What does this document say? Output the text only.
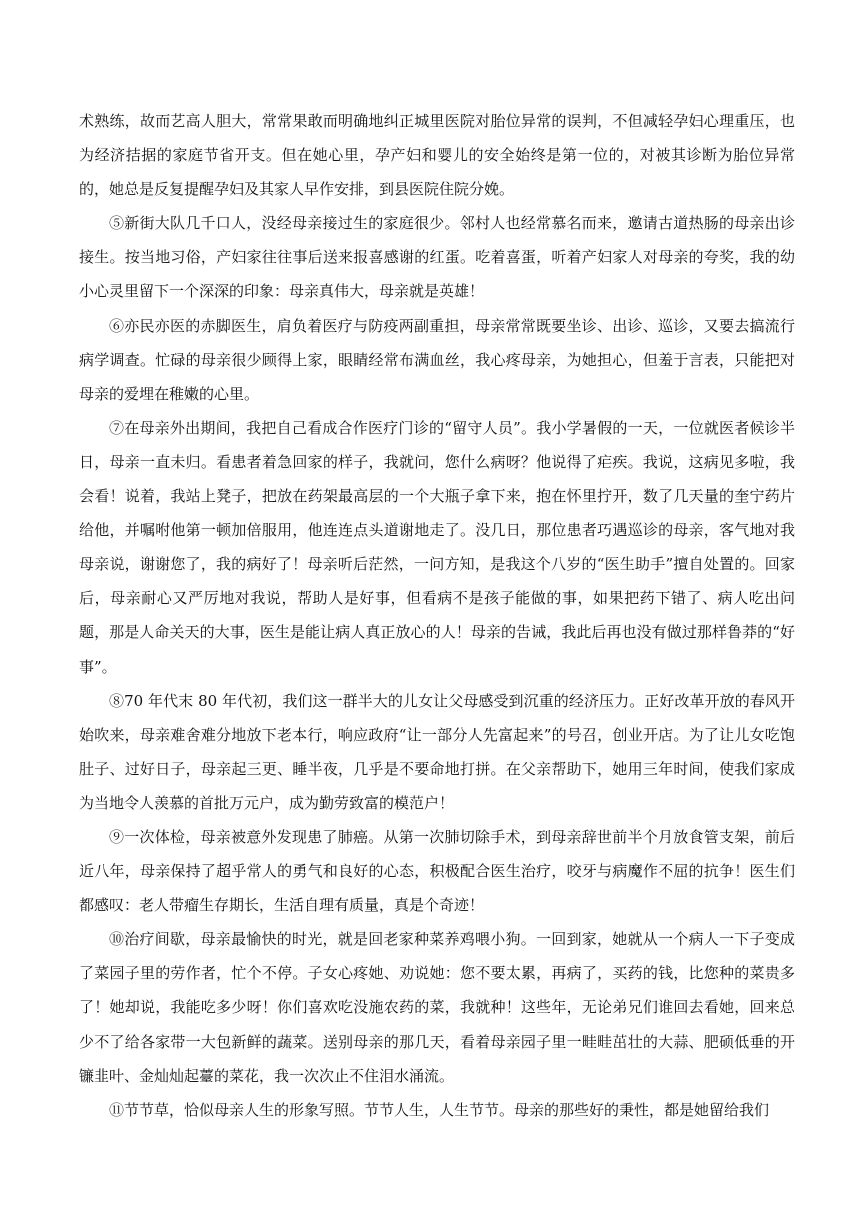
术熟练，故而艺高人胆大，常常果敢而明确地纠正城里医院对胎位异常的误判，不但减轻孕妇心理重压，也为经济拮据的家庭节省开支。但在她心里，孕产妇和婴儿的安全始终是第一位的，对被其诊断为胎位异常的，她总是反复提醒孕妇及其家人早作安排，到县医院住院分娩。

⑤新街大队几千口人，没经母亲接过生的家庭很少。邻村人也经常慕名而来，邀请古道热肠的母亲出诊接生。按当地习俗，产妇家往往事后送来报喜感谢的红蛋。吃着喜蛋，听着产妇家人对母亲的夸奖，我的幼小心灵里留下一个深深的印象：母亲真伟大，母亲就是英雄！

⑥亦民亦医的赤脚医生，肩负着医疗与防疫两副重担，母亲常常既要坐诊、出诊、巡诊，又要去搞流行病学调查。忙碌的母亲很少顾得上家，眼睛经常布满血丝，我心疼母亲，为她担心，但羞于言表，只能把对母亲的爱埋在稚嫩的心里。

⑦在母亲外出期间，我把自己看成合作医疗门诊的“留守人员”。我小学暑假的一天，一位就医者候诊半日，母亲一直未归。看患者着急回家的样子，我就问，您什么病呀？他说得了疟疾。我说，这病见多啦，我会看！说着，我站上凳子，把放在药架最高层的一个大瓶子拿下来，抱在怀里拧开，数了几天量的奎宁药片给他，并嘱咐他第一顿加倍服用，他连连点头道谢地走了。没几日，那位患者巧遇巡诊的母亲，客气地对我母亲说，谢谢您了，我的病好了！母亲听后茫然，一问方知，是我这个八岁的“医生助手”擅自处置的。回家后，母亲耐心又严厉地对我说，帮助人是好事，但看病不是孩子能做的事，如果把药下错了、病人吃出问题，那是人命关天的大事，医生是能让病人真正放心的人！母亲的告诫，我此后再也没有做过那样鲁莽的“好事”。

⑧70 年代末 80 年代初，我们这一群半大的儿女让父母感受到沉重的经济压力。正好改革开放的春风开始吹来，母亲难舍难分地放下老本行，响应政府“让一部分人先富起来”的号召，创业开店。为了让儿女吃饱肚子、过好日子，母亲起三更、睡半夜，几乎是不要命地打拼。在父亲帮助下，她用三年时间，使我们家成为当地令人羡慕的首批万元户，成为勤劳致富的模范户！

⑨一次体检，母亲被意外发现患了肺癌。从第一次肺切除手术，到母亲辞世前半个月放食管支架，前后近八年，母亲保持了超乎常人的勇气和良好的心态，积极配合医生治疗，咬牙与病魔作不屈的抗争！医生们都感叹：老人带瘤生存期长，生活自理有质量，真是个奇迹！

⑩治疗间歇，母亲最愉快的时光，就是回老家种菜养鸡喂小狗。一回到家，她就从一个病人一下子变成了菜园子里的劳作者，忙个不停。子女心疼她、劝说她：您不要太累，再病了，买药的钱，比您种的菜贵多了！她却说，我能吃多少呀！你们喜欢吃没施农药的菜，我就种！这些年，无论弟兄们谁回去看她，回来总少不了给各家带一大包新鲜的蔬菜。送别母亲的那几天，看着母亲园子里一畦畦茁壮的大蒜、肥硕低垂的开镰韭叶、金灿灿起薹的菜花，我一次次止不住泪水涌流。

⑪节节草，恰似母亲人生的形象写照。节节人生，人生节节。母亲的那些好的秉性，都是她留给我们
